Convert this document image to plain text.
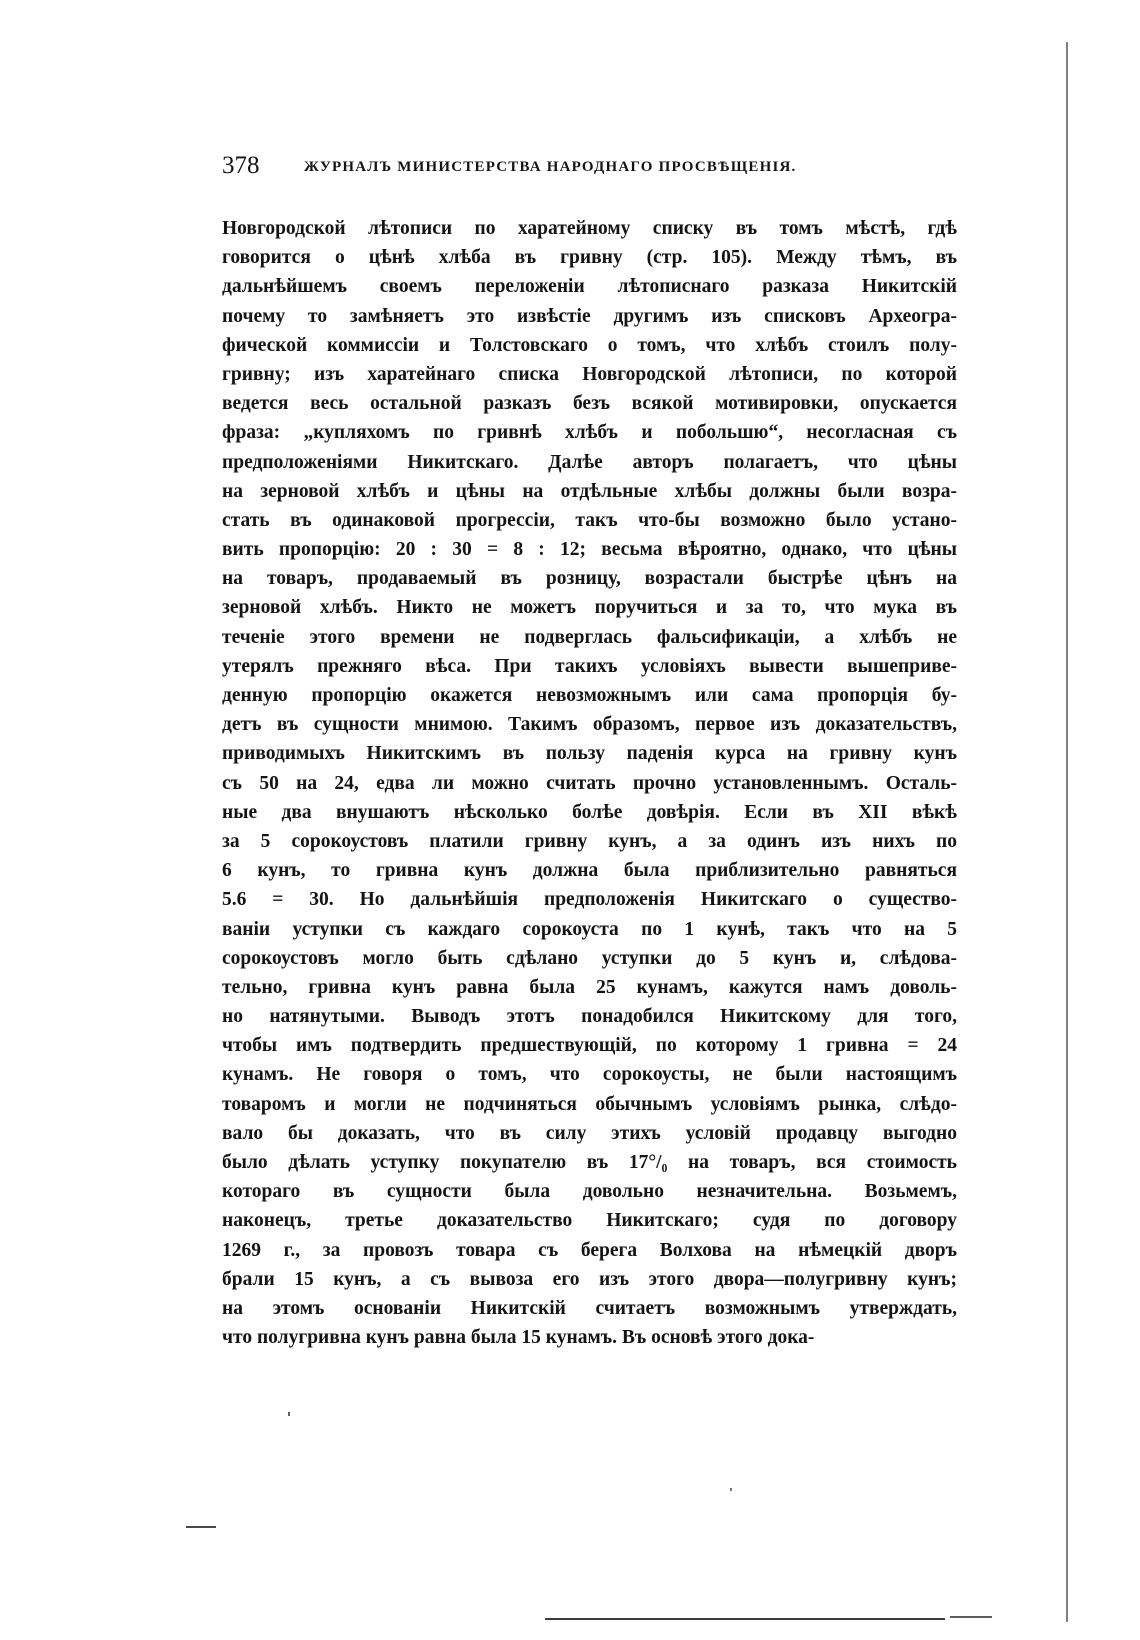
378	ЖУРНАЛЪ МИНИСТЕРСТВА НАРОДНАГО ПРОСВѢЩЕНІЯ.
Новгородской лѣтописи по харатейному списку въ томъ мѣстѣ, гдѣ
говорится о цѣнѣ хлѣба въ гривну (стр. 105). Между тѣмъ, въ
дальнѣйшемъ своемъ переложеніи лѣтописнаго разказа Никитскій
почему то замѣняетъ это извѣстіе другимъ изъ списковъ Археогра-
фической коммиссіи и Толстовскаго о томъ, что хлѣбъ стоилъ полу-
гривну; изъ харатейнаго списка Новгородской лѣтописи, по которой
ведется весь остальной разказъ безъ всякой мотивировки, опускается
фраза: „купляхомъ по гривнѣ хлѣбъ и побольшю“, несогласная съ
предположеніями Никитскаго. Далѣе авторъ полагаетъ, что цѣны
на зерновой хлѣбъ и цѣны на отдѣльные хлѣбы должны были возра-
стать въ одинаковой прогрессіи, такъ что-бы возможно было устано-
вить пропорцію: 20 : 30 = 8 : 12; весьма вѣроятно, однако, что цѣны
на товаръ, продаваемый въ розницу, возрастали быстрѣе цѣнъ на
зерновой хлѣбъ. Никто не можетъ поручиться и за то, что мука въ
теченіе этого времени не подверглась фальсификаціи, а хлѣбъ не
утерялъ прежняго вѣса. При такихъ условіяхъ вывести вышеприве-
денную пропорцію окажется невозможнымъ или сама пропорція бу-
детъ въ сущности мнимою. Такимъ образомъ, первое изъ доказательствъ,
приводимыхъ Никитскимъ въ пользу паденія курса на гривну кунъ
съ 50 на 24, едва ли можно считать прочно установленнымъ. Осталь-
ные два внушаютъ нѣсколько болѣе довѣрія. Если въ XII вѣкѣ
за 5 сорокоустовъ платили гривну кунъ, а за одинъ изъ нихъ по
6 кунъ, то гривна кунъ должна была приблизительно равняться
5.6 = 30. Но дальнѣйшія предположенія Никитскаго о существо-
ваніи уступки съ каждаго сорокоуста по 1 кунѣ, такъ что на 5
сорокоустовъ могло быть сдѣлано уступки до 5 кунъ и, слѣдова-
тельно, гривна кунъ равна была 25 кунамъ, кажутся намъ доволь-
но натянутыми. Выводъ этотъ понадобился Никитскому для того,
чтобы имъ подтвердить предшествующій, по которому 1 гривна = 24
кунамъ. Не говоря о томъ, что сорокоусты, не были настоящимъ
товаромъ и могли не подчиняться обычнымъ условіямъ рынка, слѣдо-
вало бы доказать, что въ силу этихъ условій продавцу выгодно
было дѣлать уступку покупателю въ 17°/₀ на товаръ, вся стоимость
котораго въ сущности была довольно незначительна. Возьмемъ,
наконецъ, третье доказательство Никитскаго; судя по договору
1269 г., за провозъ товара съ берега Волхова на нѣмецкій дворъ
брали 15 кунъ, а съ вывоза его изъ этого двора—полугривну кунъ;
на этомъ основаніи Никитскій считаетъ возможнымъ утверждать,
что полугривна кунъ равна была 15 кунамъ. Въ основѣ этого дока-
